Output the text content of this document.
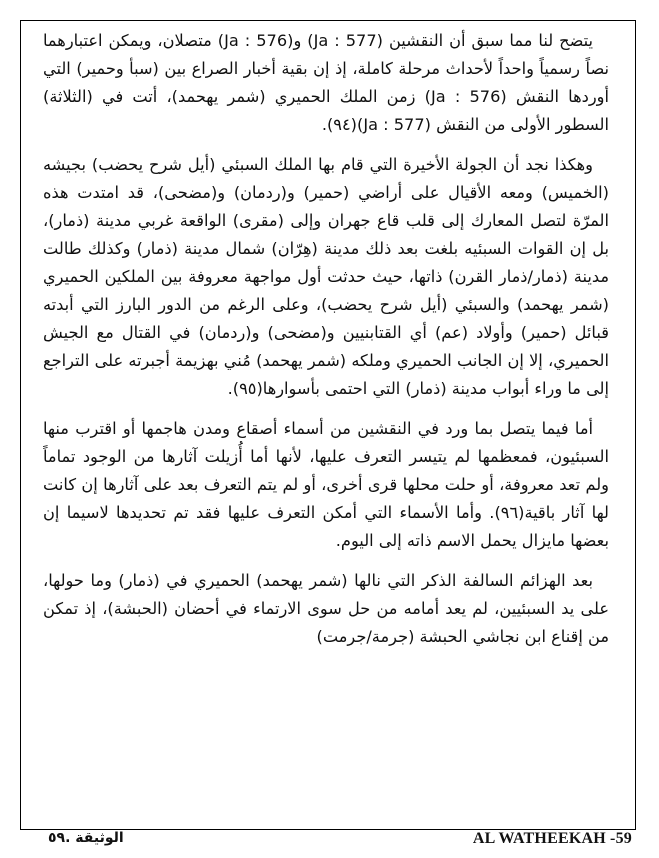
يتضح لنا مما سبق أن النقشين (Ja : 577) و(Ja : 576) متصلان، ويمكن اعتبارهما نصاً رسمياً واحداً لأحداث مرحلة كاملة، إذ إن بقية أخبار الصراع بين (سبأ وحمير) التي أوردها النقش (Ja : 576) زمن الملك الحميري (شمر يهحمد)، أتت في (الثلاثة) السطور الأولى من النقش (Ja : 577)(٩٤).

وهكذا نجد أن الجولة الأخيرة التي قام بها الملك السبئي (أيل شرح يحضب) بجيشه (الخميس) ومعه الأقيال على أراضي (حمير) و(ردمان) و(مضحى)، قد امتدت هذه المرّة لتصل المعارك إلى قلب قاع جهران وإلى (مقرى) الواقعة غربي مدينة (ذمار)، بل إن القوات السبئيه بلغت بعد ذلك مدينة (هِرّان) شمال مدينة (ذمار) وكذلك طالت مدينة (ذمار/ذمار القرن) ذاتها، حيث حدثت أول مواجهة معروفة بين الملكين الحميري (شمر يهحمد) والسبئي (أيل شرح يحضب)، وعلى الرغم من الدور البارز التي أبدته قبائل (حمير) وأولاد (عم) أي القتابنيين و(مضحى) و(ردمان) في القتال مع الجيش الحميري، إلا إن الجانب الحميري وملكه (شمر يهحمد) مُني بهزيمة أجبرته على التراجع إلى ما وراء أبواب مدينة (ذمار) التي احتمى بأسوارها(٩٥).

أما فيما يتصل بما ورد في النقشين من أسماء أصقاع ومدن هاجمها أو اقترب منها السبئيون، فمعظمها لم يتيسر التعرف عليها، لأنها أما أُزيلت آثارها من الوجود تماماً ولم تعد معروفة، أو حلت محلها قرى أخرى، أو لم يتم التعرف بعد على آثارها إن كانت لها آثار باقية(٩٦). وأما الأسماء التي أمكن التعرف عليها فقد تم تحديدها لاسيما إن بعضها مايزال يحمل الاسم ذاته إلى اليوم.

بعد الهزائم السالفة الذكر التي نالها (شمر يهحمد) الحميري في (ذمار) وما حولها، على يد السبئيين، لم يعد أمامه من حل سوى الارتماء في أحضان (الحبشة)، إذ تمكن من إقناع ابن نجاشي الحبشة (جرمة/جرمت)

الوثيقة .٥٩	AL WATHEEKAH -59
